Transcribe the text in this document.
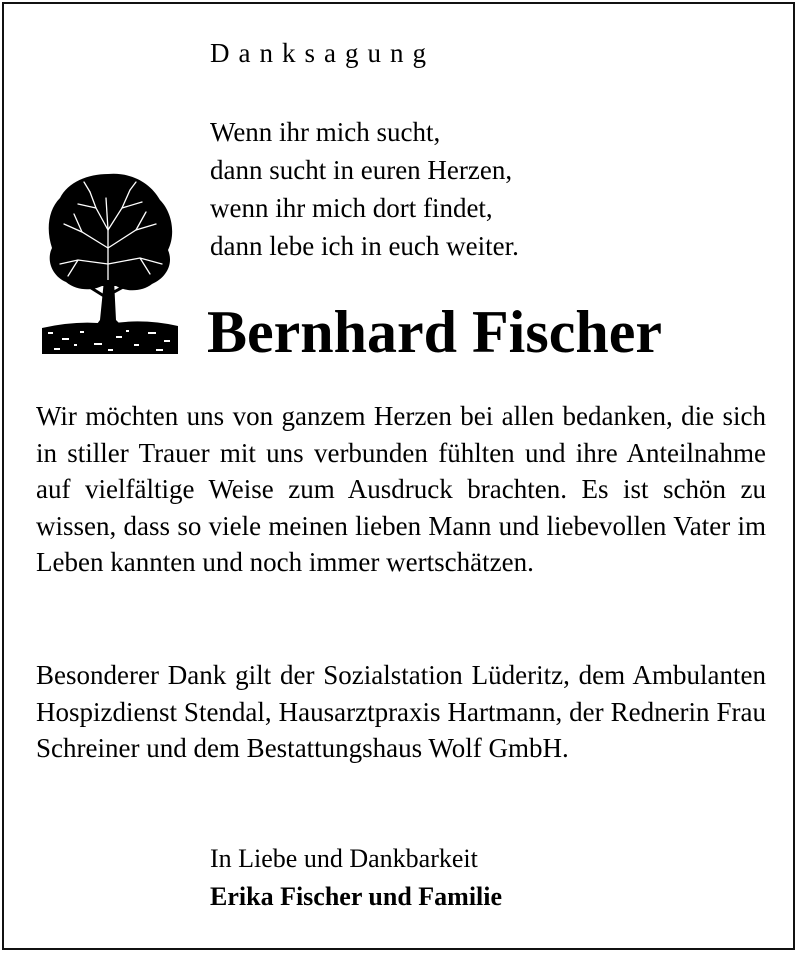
Danksagung
Wenn ihr mich sucht,
dann sucht in euren Herzen,
wenn ihr mich dort findet,
dann lebe ich in euch weiter.
Bernhard Fischer

Wir möchten uns von ganzem Herzen bei allen bedanken, die sich in stiller Trauer mit uns verbunden fühlten und ihre Anteilnahme auf vielfältige Weise zum Ausdruck brachten. Es ist schön zu wissen, dass so viele meinen lieben Mann und liebevollen Vater im Leben kannten und noch immer wertschätzen.

Besonderer Dank gilt der Sozialstation Lüderitz, dem Ambulanten Hospizdienst Stendal, Hausarztpraxis Hartmann, der Rednerin Frau Schreiner und dem Bestattungshaus Wolf GmbH.

In Liebe und Dankbarkeit
Erika Fischer und Familie
